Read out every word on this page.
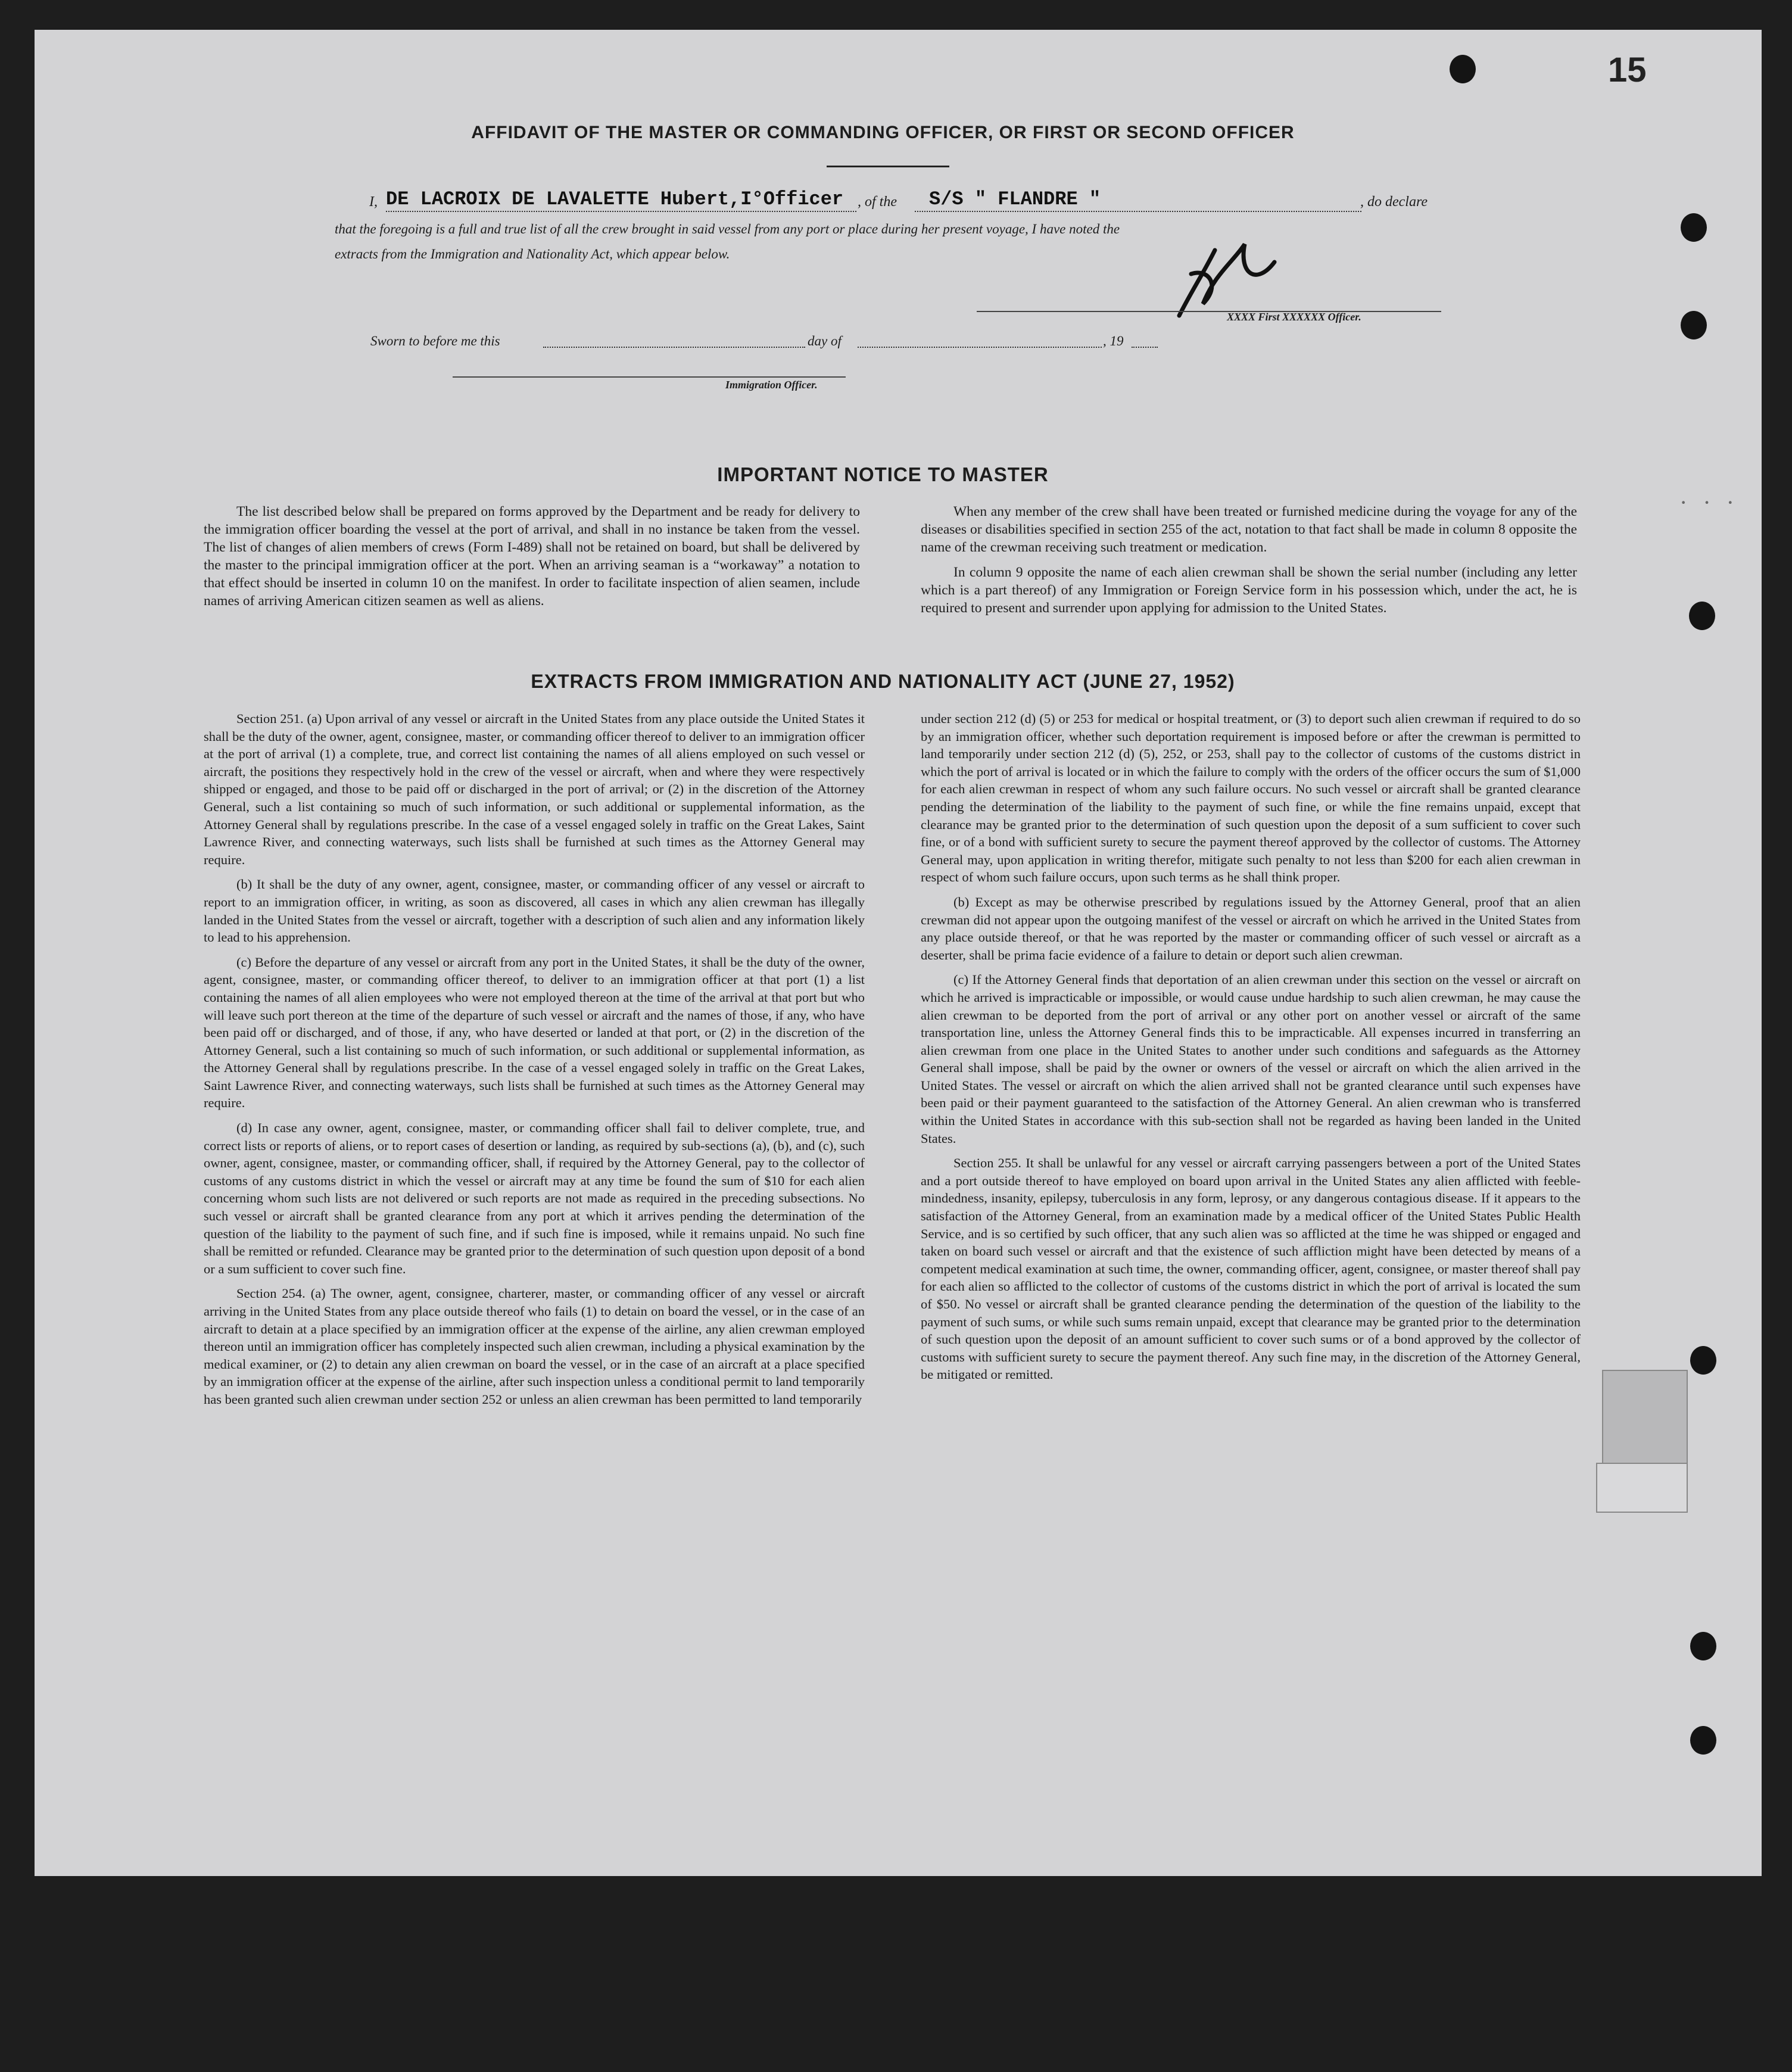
15
· · ·
AFFIDAVIT OF THE MASTER OR COMMANDING OFFICER, OR FIRST OR SECOND OFFICER
I, DE LACROIX DE LAVALETTE Hubert,I°Officer , of the S/S " FLANDRE "	, do declare
that the foregoing is a full and true list of all the crew brought in said vessel from any port or place during her present voyage, I have noted the
extracts from the Immigration and Nationality Act, which appear below.
XXXX First XXXXXX Officer.
Sworn to before me this	day of	, 19
Immigration Officer.
IMPORTANT NOTICE TO MASTER

The list described below shall be prepared on forms approved by the Department and be ready for delivery to the immigration officer boarding the vessel at the port of arrival, and shall in no instance be taken from the vessel. The list of changes of alien members of crews (Form I-489) shall not be retained on board, but shall be delivered by the master to the principal immigration officer at the port. When an arriving seaman is a “workaway” a notation to that effect should be inserted in column 10 on the manifest. In order to facilitate inspection of alien seamen, include names of arriving American citizen seamen as well as aliens.

When any member of the crew shall have been treated or furnished medicine during the voyage for any of the diseases or disabilities specified in section 255 of the act, notation to that fact shall be made in column 8 opposite the name of the crewman receiving such treatment or medication.

In column 9 opposite the name of each alien crewman shall be shown the serial number (including any letter which is a part thereof) of any Immigration or Foreign Service form in his possession which, under the act, he is required to present and surrender upon applying for admission to the United States.

EXTRACTS FROM IMMIGRATION AND NATIONALITY ACT (JUNE 27, 1952)

Section 251. (a) Upon arrival of any vessel or aircraft in the United States from any place outside the United States it shall be the duty of the owner, agent, consignee, master, or commanding officer thereof to deliver to an immigration officer at the port of arrival (1) a complete, true, and correct list containing the names of all aliens employed on such vessel or aircraft, the positions they respectively hold in the crew of the vessel or aircraft, when and where they were respectively shipped or engaged, and those to be paid off or discharged in the port of arrival; or (2) in the discretion of the Attorney General, such a list containing so much of such information, or such additional or supplemental information, as the Attorney General shall by regulations prescribe. In the case of a vessel engaged solely in traffic on the Great Lakes, Saint Lawrence River, and connecting waterways, such lists shall be furnished at such times as the Attorney General may require.

(b) It shall be the duty of any owner, agent, consignee, master, or commanding officer of any vessel or aircraft to report to an immigration officer, in writing, as soon as discovered, all cases in which any alien crewman has illegally landed in the United States from the vessel or aircraft, together with a description of such alien and any information likely to lead to his apprehension.

(c) Before the departure of any vessel or aircraft from any port in the United States, it shall be the duty of the owner, agent, consignee, master, or commanding officer thereof, to deliver to an immigration officer at that port (1) a list containing the names of all alien employees who were not employed thereon at the time of the arrival at that port but who will leave such port thereon at the time of the departure of such vessel or aircraft and the names of those, if any, who have been paid off or discharged, and of those, if any, who have deserted or landed at that port, or (2) in the discretion of the Attorney General, such a list containing so much of such information, or such additional or supplemental information, as the Attorney General shall by regulations prescribe. In the case of a vessel engaged solely in traffic on the Great Lakes, Saint Lawrence River, and connecting waterways, such lists shall be furnished at such times as the Attorney General may require.

(d) In case any owner, agent, consignee, master, or commanding officer shall fail to deliver complete, true, and correct lists or reports of aliens, or to report cases of desertion or landing, as required by sub-sections (a), (b), and (c), such owner, agent, consignee, master, or commanding officer, shall, if required by the Attorney General, pay to the collector of customs of any customs district in which the vessel or aircraft may at any time be found the sum of $10 for each alien concerning whom such lists are not delivered or such reports are not made as required in the preceding subsections. No such vessel or aircraft shall be granted clearance from any port at which it arrives pending the determination of the question of the liability to the payment of such fine, and if such fine is imposed, while it remains unpaid. No such fine shall be remitted or refunded. Clearance may be granted prior to the determination of such question upon deposit of a bond or a sum sufficient to cover such fine.

Section 254. (a) The owner, agent, consignee, charterer, master, or commanding officer of any vessel or aircraft arriving in the United States from any place outside thereof who fails (1) to detain on board the vessel, or in the case of an aircraft to detain at a place specified by an immigration officer at the expense of the airline, any alien crewman employed thereon until an immigration officer has completely inspected such alien crewman, including a physical examination by the medical examiner, or (2) to detain any alien crewman on board the vessel, or in the case of an aircraft at a place specified by an immigration officer at the expense of the airline, after such inspection unless a conditional permit to land temporarily has been granted such alien crewman under section 252 or unless an alien crewman has been permitted to land temporarily

under section 212 (d) (5) or 253 for medical or hospital treatment, or (3) to deport such alien crewman if required to do so by an immigration officer, whether such deportation requirement is imposed before or after the crewman is permitted to land temporarily under section 212 (d) (5), 252, or 253, shall pay to the collector of customs of the customs district in which the port of arrival is located or in which the failure to comply with the orders of the officer occurs the sum of $1,000 for each alien crewman in respect of whom any such failure occurs. No such vessel or aircraft shall be granted clearance pending the determination of the liability to the payment of such fine, or while the fine remains unpaid, except that clearance may be granted prior to the determination of such question upon the deposit of a sum sufficient to cover such fine, or of a bond with sufficient surety to secure the payment thereof approved by the collector of customs. The Attorney General may, upon application in writing therefor, mitigate such penalty to not less than $200 for each alien crewman in respect of whom such failure occurs, upon such terms as he shall think proper.

(b) Except as may be otherwise prescribed by regulations issued by the Attorney General, proof that an alien crewman did not appear upon the outgoing manifest of the vessel or aircraft on which he arrived in the United States from any place outside thereof, or that he was reported by the master or commanding officer of such vessel or aircraft as a deserter, shall be prima facie evidence of a failure to detain or deport such alien crewman.

(c) If the Attorney General finds that deportation of an alien crewman under this section on the vessel or aircraft on which he arrived is impracticable or impossible, or would cause undue hardship to such alien crewman, he may cause the alien crewman to be deported from the port of arrival or any other port on another vessel or aircraft of the same transportation line, unless the Attorney General finds this to be impracticable. All expenses incurred in transferring an alien crewman from one place in the United States to another under such conditions and safeguards as the Attorney General shall impose, shall be paid by the owner or owners of the vessel or aircraft on which the alien arrived in the United States. The vessel or aircraft on which the alien arrived shall not be granted clearance until such expenses have been paid or their payment guaranteed to the satisfaction of the Attorney General. An alien crewman who is transferred within the United States in accordance with this sub-section shall not be regarded as having been landed in the United States.

Section 255. It shall be unlawful for any vessel or aircraft carrying passengers between a port of the United States and a port outside thereof to have employed on board upon arrival in the United States any alien afflicted with feeble-mindedness, insanity, epilepsy, tuberculosis in any form, leprosy, or any dangerous contagious disease. If it appears to the satisfaction of the Attorney General, from an examination made by a medical officer of the United States Public Health Service, and is so certified by such officer, that any such alien was so afflicted at the time he was shipped or engaged and taken on board such vessel or aircraft and that the existence of such affliction might have been detected by means of a competent medical examination at such time, the owner, commanding officer, agent, consignee, or master thereof shall pay for each alien so afflicted to the collector of customs of the customs district in which the port of arrival is located the sum of $50. No vessel or aircraft shall be granted clearance pending the determination of the question of the liability to the payment of such sums, or while such sums remain unpaid, except that clearance may be granted prior to the determination of such question upon the deposit of an amount sufficient to cover such sums or of a bond approved by the collector of customs with sufficient surety to secure the payment thereof. Any such fine may, in the discretion of the Attorney General, be mitigated or remitted.
